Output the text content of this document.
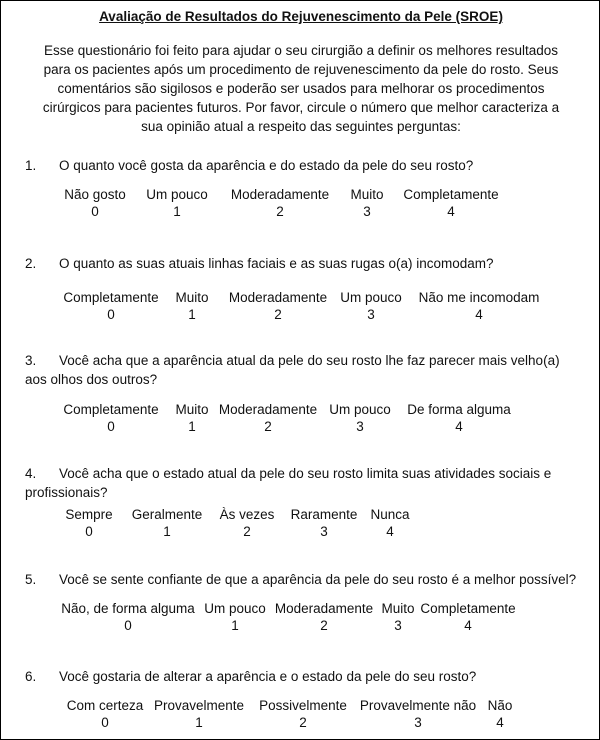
Avaliação de Resultados do Rejuvenescimento da Pele (SROE)
Esse questionário foi feito para ajudar o seu cirurgião a definir os melhores resultados para os pacientes após um procedimento de rejuvenescimento da pele do rosto. Seus comentários são sigilosos e poderão ser usados para melhorar os procedimentos cirúrgicos para pacientes futuros. Por favor, circule o número que melhor caracteriza a sua opinião atual a respeito das seguintes perguntas:
1. O quanto você gosta da aparência e do estado da pele do seu rosto?
Não gosto
0
Um pouco
1
Moderadamente
2
Muito
3
Completamente
4
2. O quanto as suas atuais linhas faciais e as suas rugas o(a) incomodam?
Completamente
0
Muito
1
Moderadamente
2
Um pouco
3
Não me incomodam
4
3. Você acha que a aparência atual da pele do seu rosto lhe faz parecer mais velho(a) aos olhos dos outros?
Completamente
0
Muito
1
Moderadamente
2
Um pouco
3
De forma alguma
4
4. Você acha que o estado atual da pele do seu rosto limita suas atividades sociais e profissionais?
Sempre
0
Geralmente
1
Às vezes
2
Raramente
3
Nunca
4
5. Você se sente confiante de que a aparência da pele do seu rosto é a melhor possível?
Não, de forma alguma
0
Um pouco
1
Moderadamente
2
Muito
3
Completamente
4
6. Você gostaria de alterar a aparência e o estado da pele do seu rosto?
Com certeza
0
Provavelmente
1
Possivelmente
2
Provavelmente não
3
Não
4
